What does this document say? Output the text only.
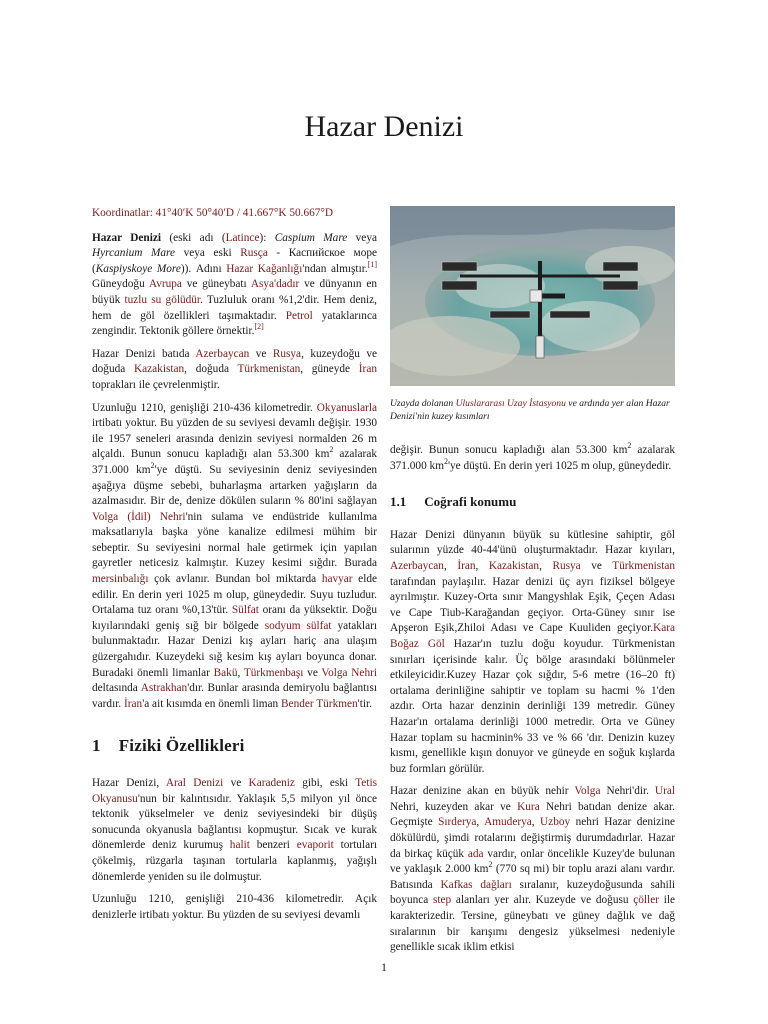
Hazar Denizi

Koordinatlar: 41°40′K 50°40′D / 41.667°K 50.667°D

Hazar Denizi (eski adı (Latince): Caspium Mare veya Hyrcanium Mare veya eski Rusça - Каспийское море (Kaspiyskoye More)). Adını Hazar Kağanlığı'ndan almıştır.[1] Güneydoğu Avrupa ve güneybatı Asya'dadır ve dünyanın en büyük tuzlu su gölüdür. Tuzluluk oranı %1,2'dir. Hem deniz, hem de göl özellikleri taşımaktadır. Petrol yataklarınca zengindir. Tektonik göllere örnektir.[2]

Hazar Denizi batıda Azerbaycan ve Rusya, kuzeydoğu ve doğuda Kazakistan, doğuda Türkmenistan, güneyde İran toprakları ile çevrelenmiştir.

Uzunluğu 1210, genişliği 210-436 kilometredir. Okyanuslarla irtibatı yoktur. Bu yüzden de su seviyesi devamlı değişir. 1930 ile 1957 seneleri arasında denizin seviyesi normalden 26 m alçaldı. Bunun sonucu kapladığı alan 53.300 $km^2$ azalarak 371.000 $km^2'ye$ düştü. Su seviyesinin deniz seviyesinden aşağıya düşme sebebi, buharlaşma artarken yağışların da azalmasıdır. Bir de, denize dökülen suların % 80'ini sağlayan Volga (İdil) Nehri'nin sulama ve endüstride kullanılma maksatlarıyla başka yöne kanalize edilmesi mühim bir sebeptir. Su seviyesini normal hale getirmek için yapılan gayretler neticesiz kalmıştır. Kuzey kesimi sığdır. Burada mersinbalığı çok avlanır. Bundan bol miktarda havyar elde edilir. En derin yeri 1025 m olup, güneydedir. Suyu tuzludur. Ortalama tuz oranı %0,13'tür. Sülfat oranı da yüksektir. Doğu kıyılarındaki geniş sığ bir bölgede sodyum sülfat yatakları bulunmaktadır. Hazar Denizi kış ayları hariç ana ulaşım güzergahıdır. Kuzeydeki sığ kesim kış ayları boyunca donar. Buradaki önemli limanlar Bakü, Türkmenbaşı ve Volga Nehri deltasında Astrakhan'dır. Bunlar arasında demiryolu bağlantısı vardır. İran'a ait kısımda en önemli liman Bender Türkmen'tir.

1 Fiziki Özellikleri

Hazar Denizi, Aral Denizi ve Karadeniz gibi, eski Tetis Okyanusu'nun bir kalıntısıdır. Yaklaşık 5,5 milyon yıl önce tektonik yükselmeler ve deniz seviyesindeki bir düşüş sonucunda okyanusla bağlantısı kopmuştur. Sıcak ve kurak dönemlerde deniz kurumuş halit benzeri evaporit tortuları çökelmiş, rüzgarla taşınan tortularla kaplanmış, yağışlı dönemlerde yeniden su ile dolmuştur.

Uzunluğu 1210, genişliği 210-436 kilometredir. Açık denizlerle irtibatı yoktur. Bu yüzden de su seviyesi devamlı

Uzayda dolanan Uluslararası Uzay İstasyonu ve ardında yer alan Hazar Denizi'nin kuzey kısımları

değişir. Bunun sonucu kapladığı alan 53.300 $km^2$ azalarak 371.000 $km^2'ye$ düştü. En derin yeri 1025 m olup, güneydedir.

1.1 Coğrafi konumu

Hazar Denizi dünyanın büyük su kütlesine sahiptir, göl sularının yüzde 40-44'ünü oluşturmaktadır. Hazar kıyıları, Azerbaycan, İran, Kazakistan, Rusya ve Türkmenistan tarafından paylaşılır. Hazar denizi üç ayrı fiziksel bölgeye ayrılmıştır. Kuzey-Orta sınır Mangyshlak Eşik, Çeçen Adası ve Cape Tiub-Karağandan geçiyor. Orta-Güney sınır ise Apşeron Eşik,Zhiloi Adası ve Cape Kuuliden geçiyor.Kara Boğaz Göl Hazar'ın tuzlu doğu koyudur. Türkmenistan sınırları içerisinde kalır. Üç bölge arasındaki bölünmeler etkileyicidir.Kuzey Hazar çok sığdır, 5-6 metre (16–20 ft) ortalama derinliğine sahiptir ve toplam su hacmi % 1'den azdır. Orta hazar denzinin derinliği 139 metredir. Güney Hazar'ın ortalama derinliği 1000 metredir. Orta ve Güney Hazar toplam su hacminin% 33 ve % 66 'dır. Denizin kuzey kısmı, genellikle kışın donuyor ve güneyde en soğuk kışlarda buz formları görülür.

Hazar denizine akan en büyük nehir Volga Nehri'dir. Ural Nehri, kuzeyden akar ve Kura Nehri batıdan denize akar. Geçmişte Sırderya, Amuderya, Uzboy nehri Hazar denizine dökülürdü, şimdi rotalarını değiştirmiş durumdadırlar. Hazar da birkaç küçük ada vardır, onlar öncelikle Kuzey'de bulunan ve yaklaşık 2.000 $km^2$ (770 sq mi) bir toplu arazi alanı vardır. Batısında Kafkas dağları sıralanır, kuzeydoğusunda sahili boyunca step alanları yer alır. Kuzeyde ve doğusu çöller ile karakterizedir. Tersine, güneybatı ve güney dağlık ve dağ sıralarının bir karışımı dengesiz yükselmesi nedeniyle genellikle sıcak iklim etkisi

1
